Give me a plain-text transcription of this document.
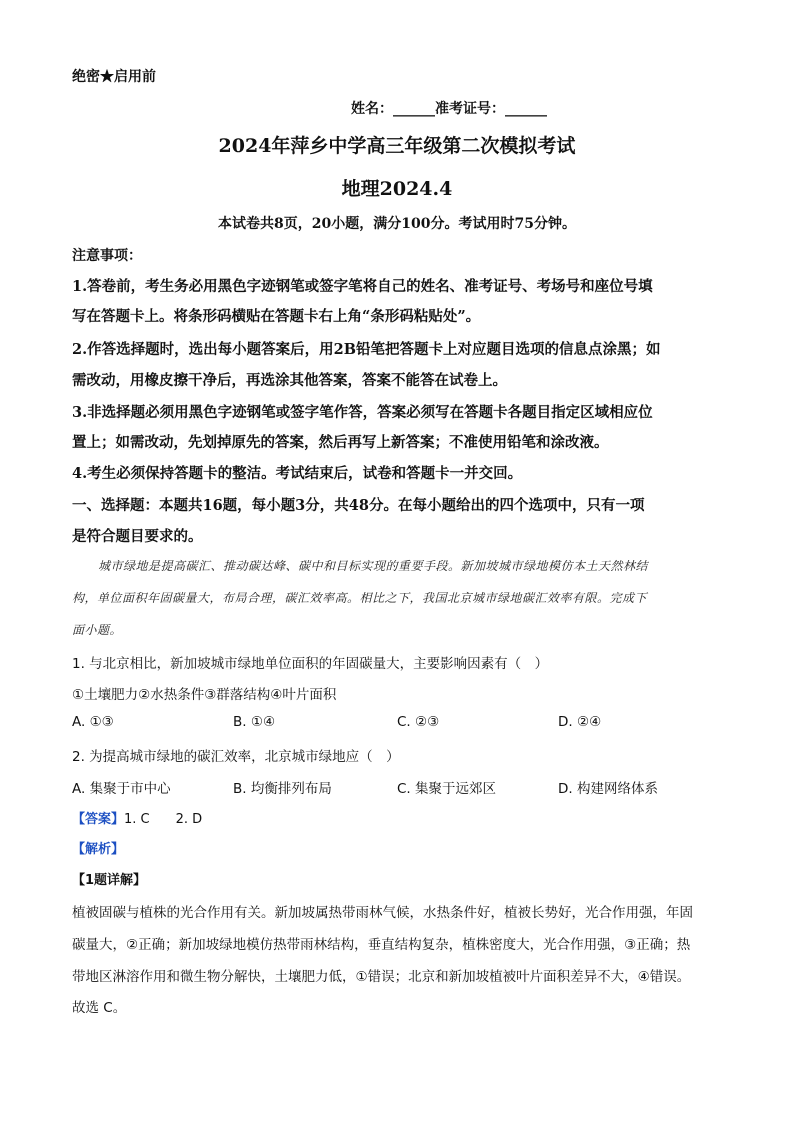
绝密★启用前
姓名：______准考证号：______
2024年萍乡中学高三年级第二次模拟考试
地理2024.4
本试卷共8页，20小题，满分100分。考试用时75分钟。
注意事项：
1.答卷前，考生务必用黑色字迹钢笔或签字笔将自己的姓名、准考证号、考场号和座位号填
写在答题卡上。将条形码横贴在答题卡右上角“条形码粘贴处”。
2.作答选择题时，选出每小题答案后，用2B铅笔把答题卡上对应题目选项的信息点涂黑；如
需改动，用橡皮擦干净后，再选涂其他答案，答案不能答在试卷上。
3.非选择题必须用黑色字迹钢笔或签字笔作答，答案必须写在答题卡各题目指定区域相应位
置上；如需改动，先划掉原先的答案，然后再写上新答案；不准使用铅笔和涂改液。
4.考生必须保持答题卡的整洁。考试结束后，试卷和答题卡一并交回。
一、选择题：本题共16题，每小题3分，共48分。在每小题给出的四个选项中，只有一项
是符合题目要求的。
城市绿地是提高碳汇、推动碳达峰、碳中和目标实现的重要手段。新加坡城市绿地模仿本土天然林结
构，单位面积年固碳量大，布局合理，碳汇效率高。相比之下，我国北京城市绿地碳汇效率有限。完成下
面小题。
1. 与北京相比，新加坡城市绿地单位面积的年固碳量大，主要影响因素有（　）
①土壤肥力②水热条件③群落结构④叶片面积
A. ①③	B. ①④	C. ②③	D. ②④
2. 为提高城市绿地的碳汇效率，北京城市绿地应（　）
A. 集聚于市中心	B. 均衡排列布局	C. 集聚于远郊区	D. 构建网络体系
【答案】1. C　　2. D
【解析】
【1题详解】
植被固碳与植株的光合作用有关。新加坡属热带雨林气候，水热条件好，植被长势好，光合作用强，年固
碳量大，②正确；新加坡绿地模仿热带雨林结构，垂直结构复杂，植株密度大，光合作用强，③正确；热
带地区淋溶作用和微生物分解快，土壤肥力低，①错误；北京和新加坡植被叶片面积差异不大，④错误。
故选 C。
